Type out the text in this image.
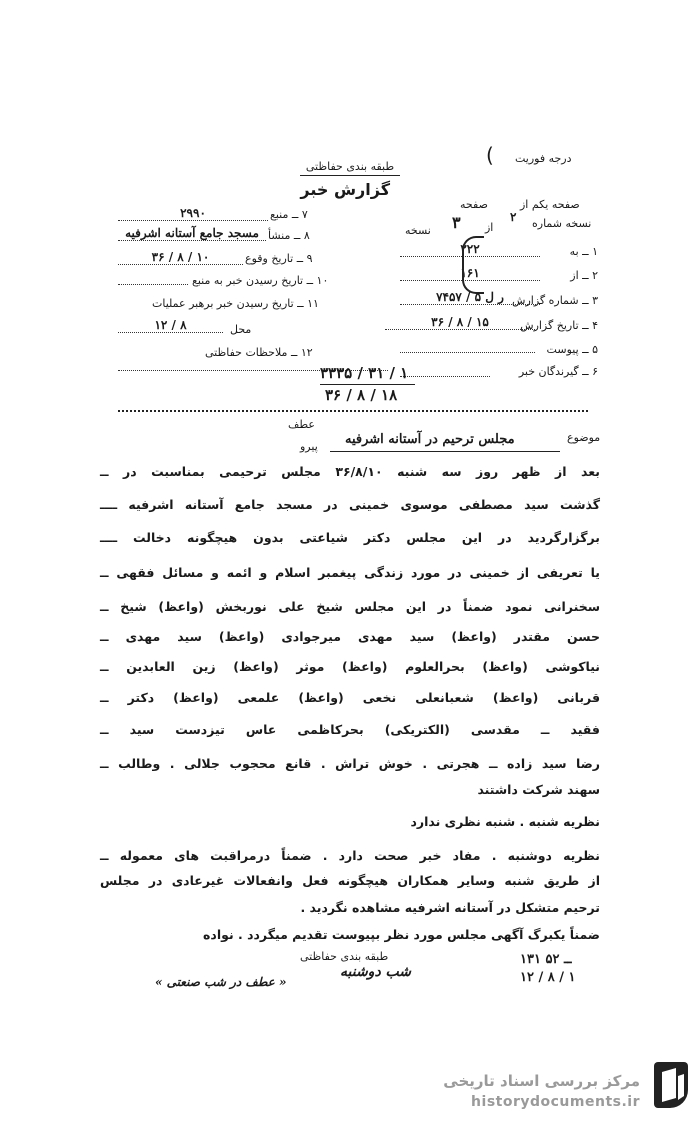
درجه فوریت
(
طبقه بندی حفاظتی
گزارش خبر
صفحه یکم از
صفحه
نسخه شماره
۲
از
۳
نسخه
۱ ــ به
۲۲۲
۲ ــ از
۱۶۱
۳ ــ شماره گزارش
۷۴۵۷ / ر ل ۵
۴ ــ تاریخ گزارش
۳۶ / ۸ / ۱۵
۵ ــ پیوست
۶ ــ گیرندگان خبر
۷ ــ منبع
۲۹۹۰
۸ ــ منشأ
مسجد جامع آستانه اشرفیه
۹ ــ تاریخ وقوع
۳۶ / ۸ / ۱۰
۱۰ ــ تاریخ رسیدن خبر به منبع
۱۱ ــ تاریخ رسیدن خبر برهبر عملیات
محل
۱۲ / ۸
۱۲ ــ ملاحظات حفاظتی
۳۳۳۵ / ۳۱ / ۱
۳۶ / ۸ / ۱۸
موضوع
عطف
پیرو مجلس ترحیم در آستانه اشرفیه
بعد از ظهر روز سه شنبه ۳۶/۸/۱۰ مجلس ترحیمی بمناسبت در ــ
گذشت سید مصطفی موسوی خمینی در مسجد جامع آستانه اشرفیه ــــ
برگزارگردید در این مجلس دکتر شیاعتی بدون هیچگونه دخالت ــــ
یا تعریفی از خمینی در مورد زندگی پیغمبر اسلام و ائمه و مسائل فقهی ــ
سخنرانی نمود ضمناً در این مجلس شیخ علی نوربخش (واعظ) شیخ ــ
حسن مقتدر (واعظ) سید مهدی میرجوادی (واعظ) سید مهدی ــ
نیاکوشی (واعظ) بحرالعلوم (واعظ) موثر (واعظ) زین العابدین ــ
قربانی (واعظ) شعبانعلی نخعی (واعظ) علمعی (واعظ) دکتر ــ
فقید ــ مقدسی (الکتریکی) بحرکاظمی عاس تیزدست سید ــ
رضا سید زاده ــ هجرتی . خوش تراش . قانع محجوب جلالی . وطالب ــ
سهند شرکت داشتند
نظریه شنبه . شنبه نظری ندارد
نظریه دوشنبه . مفاد خبر صحت دارد . ضمناً درمراقبت های معموله ــ
از طریق شنبه وسایر همکاران هیچگونه فعل وانفعالات غیرعادی در مجلس
ترحیم متشکل در آستانه اشرفیه مشاهده نگردید .
ضمناً یکبرگ آگهی مجلس مورد نظر بپیوست تقدیم میگردد . نواده
طبقه بندی حفاظتی	۱۳۱ ــ ۵۲
۱۲ / ۸ / ۱
شب دوشنبه
« عطف در شب صنعتی »
مرکز بررسی اسناد تاریخی
historydocuments.ir
